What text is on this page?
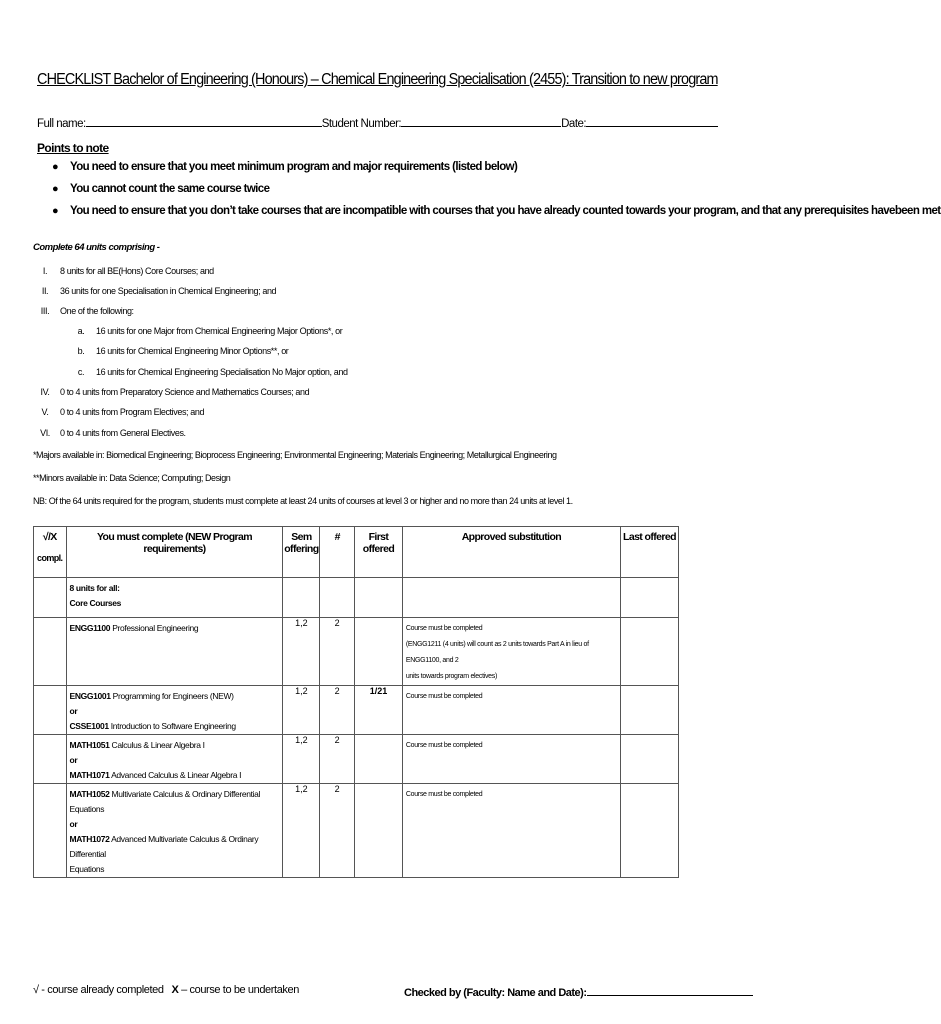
CHECKLIST Bachelor of Engineering (Honours) – Chemical Engineering Specialisation (2455): Transition to new program
Full name:	Student Number:	Date:
Points to note
● You need to ensure that you meet minimum program and major requirements (listed below)
● You cannot count the same course twice
● You need to ensure that you don’t take courses that are incompatible with courses that you have already counted towards your program, and that any prerequisites havebeen met
Complete 64 units comprising -
I. 8 units for all BE(Hons) Core Courses; and
II. 36 units for one Specialisation in Chemical Engineering; and
III. One of the following:
a. 16 units for one Major from Chemical Engineering Major Options*, or
b. 16 units for Chemical Engineering Minor Options**, or
c. 16 units for Chemical Engineering Specialisation No Major option, and
IV. 0 to 4 units from Preparatory Science and Mathematics Courses; and
V. 0 to 4 units from Program Electives; and
VI. 0 to 4 units from General Electives.
*Majors available in: Biomedical Engineering; Bioprocess Engineering; Environmental Engineering; Materials Engineering; Metallurgical Engineering
**Minors available in: Data Science; Computing; Design
NB: Of the 64 units required for the program, students must complete at least 24 units of courses at level 3 or higher and no more than 24 units at level 1.
√/X
compl.	You must complete (NEW Program requirements)	Sem offering	#	First offered	Approved substitution	Last offered

	8 units for all:
Core Courses					

	ENGG1100 Professional Engineering	1,2	2		Course must be completed
(ENGG1211 (4 units) will count as 2 units towards Part A in lieu of ENGG1100, and 2
units towards program electives)	

	ENGG1001 Programming for Engineers (NEW)
or
CSSE1001 Introduction to Software Engineering	1,2	2	1/21	Course must be completed	

	MATH1051 Calculus & Linear Algebra I
or
MATH1071 Advanced Calculus & Linear Algebra I	1,2	2		Course must be completed	

	MATH1052 Multivariate Calculus & Ordinary Differential Equations
or
MATH1072 Advanced Multivariate Calculus & Ordinary Differential
Equations	1,2	2		Course must be completed	

√ - course already completed X – course to be undertaken	Checked by (Faculty: Name and Date):
